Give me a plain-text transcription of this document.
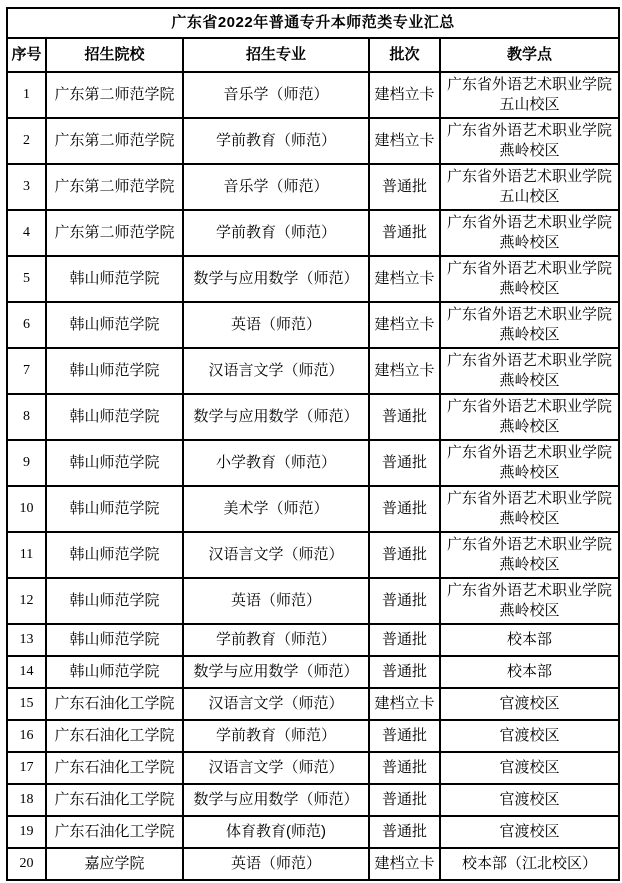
广东省2022年普通专升本师范类专业汇总				
序号	招生院校	招生专业	批次	教学点
1	广东第二师范学院	音乐学（师范）	建档立卡	广东省外语艺术职业学院五山校区
2	广东第二师范学院	学前教育（师范）	建档立卡	广东省外语艺术职业学院燕岭校区
3	广东第二师范学院	音乐学（师范）	普通批	广东省外语艺术职业学院五山校区
4	广东第二师范学院	学前教育（师范）	普通批	广东省外语艺术职业学院燕岭校区
5	韩山师范学院	数学与应用数学（师范）	建档立卡	广东省外语艺术职业学院燕岭校区
6	韩山师范学院	英语（师范）	建档立卡	广东省外语艺术职业学院燕岭校区
7	韩山师范学院	汉语言文学（师范）	建档立卡	广东省外语艺术职业学院燕岭校区
8	韩山师范学院	数学与应用数学（师范）	普通批	广东省外语艺术职业学院燕岭校区
9	韩山师范学院	小学教育（师范）	普通批	广东省外语艺术职业学院燕岭校区
10	韩山师范学院	美术学（师范）	普通批	广东省外语艺术职业学院燕岭校区
11	韩山师范学院	汉语言文学（师范）	普通批	广东省外语艺术职业学院燕岭校区
12	韩山师范学院	英语（师范）	普通批	广东省外语艺术职业学院燕岭校区
13	韩山师范学院	学前教育（师范）	普通批	校本部
14	韩山师范学院	数学与应用数学（师范）	普通批	校本部
15	广东石油化工学院	汉语言文学（师范）	建档立卡	官渡校区
16	广东石油化工学院	学前教育（师范）	普通批	官渡校区
17	广东石油化工学院	汉语言文学（师范）	普通批	官渡校区
18	广东石油化工学院	数学与应用数学（师范）	普通批	官渡校区
19	广东石油化工学院	体育教育(师范)	普通批	官渡校区
20	嘉应学院	英语（师范）	建档立卡	校本部（江北校区）
